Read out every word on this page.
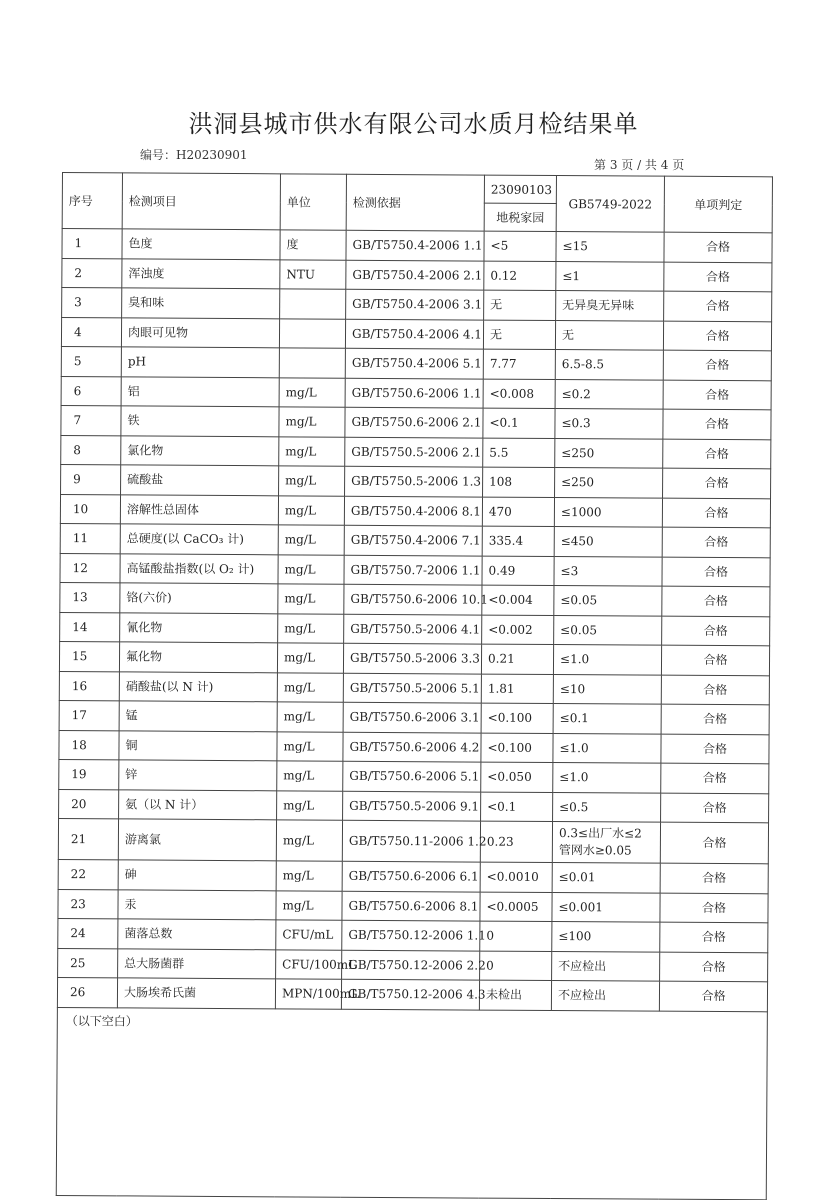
洪洞县城市供水有限公司水质月检结果单
编号：H20230901
第 3 页 / 共 4 页
序号	检测项目	单位	检测依据	23090103	GB5749-2022	单项判定
				地税家园		
1	色度	度	GB/T5750.4-2006 1.1	<5	≤15	合格
2	浑浊度	NTU	GB/T5750.4-2006 2.1	0.12	≤1	合格
3	臭和味		GB/T5750.4-2006 3.1	无	无异臭无异味	合格
4	肉眼可见物		GB/T5750.4-2006 4.1	无	无	合格
5	pH		GB/T5750.4-2006 5.1	7.77	6.5-8.5	合格
6	铝	mg/L	GB/T5750.6-2006 1.1	<0.008	≤0.2	合格
7	铁	mg/L	GB/T5750.6-2006 2.1	<0.1	≤0.3	合格
8	氯化物	mg/L	GB/T5750.5-2006 2.1	5.5	≤250	合格
9	硫酸盐	mg/L	GB/T5750.5-2006 1.3	108	≤250	合格
10	溶解性总固体	mg/L	GB/T5750.4-2006 8.1	470	≤1000	合格
11	总硬度(以 CaCO₃ 计)	mg/L	GB/T5750.4-2006 7.1	335.4	≤450	合格
12	高锰酸盐指数(以 O₂ 计)	mg/L	GB/T5750.7-2006 1.1	0.49	≤3	合格
13	铬(六价)	mg/L	GB/T5750.6-2006 10.1	<0.004	≤0.05	合格
14	氰化物	mg/L	GB/T5750.5-2006 4.1	<0.002	≤0.05	合格
15	氟化物	mg/L	GB/T5750.5-2006 3.3	0.21	≤1.0	合格
16	硝酸盐(以 N 计)	mg/L	GB/T5750.5-2006 5.1	1.81	≤10	合格
17	锰	mg/L	GB/T5750.6-2006 3.1	<0.100	≤0.1	合格
18	铜	mg/L	GB/T5750.6-2006 4.2	<0.100	≤1.0	合格
19	锌	mg/L	GB/T5750.6-2006 5.1	<0.050	≤1.0	合格
20	氨（以 N 计）	mg/L	GB/T5750.5-2006 9.1	<0.1	≤0.5	合格
21	游离氯	mg/L	GB/T5750.11-2006 1.2	0.23	0.3≤出厂水≤2 管网水≥0.05	合格
22	砷	mg/L	GB/T5750.6-2006 6.1	<0.0010	≤0.01	合格
23	汞	mg/L	GB/T5750.6-2006 8.1	<0.0005	≤0.001	合格
24	菌落总数	CFU/mL	GB/T5750.12-2006 1.1	0	≤100	合格
25	总大肠菌群	CFU/100mL	GB/T5750.12-2006 2.2	0	不应检出	合格
26	大肠埃希氏菌	MPN/100mL	GB/T5750.12-2006 4.3	未检出	不应检出	合格
（以下空白）						
